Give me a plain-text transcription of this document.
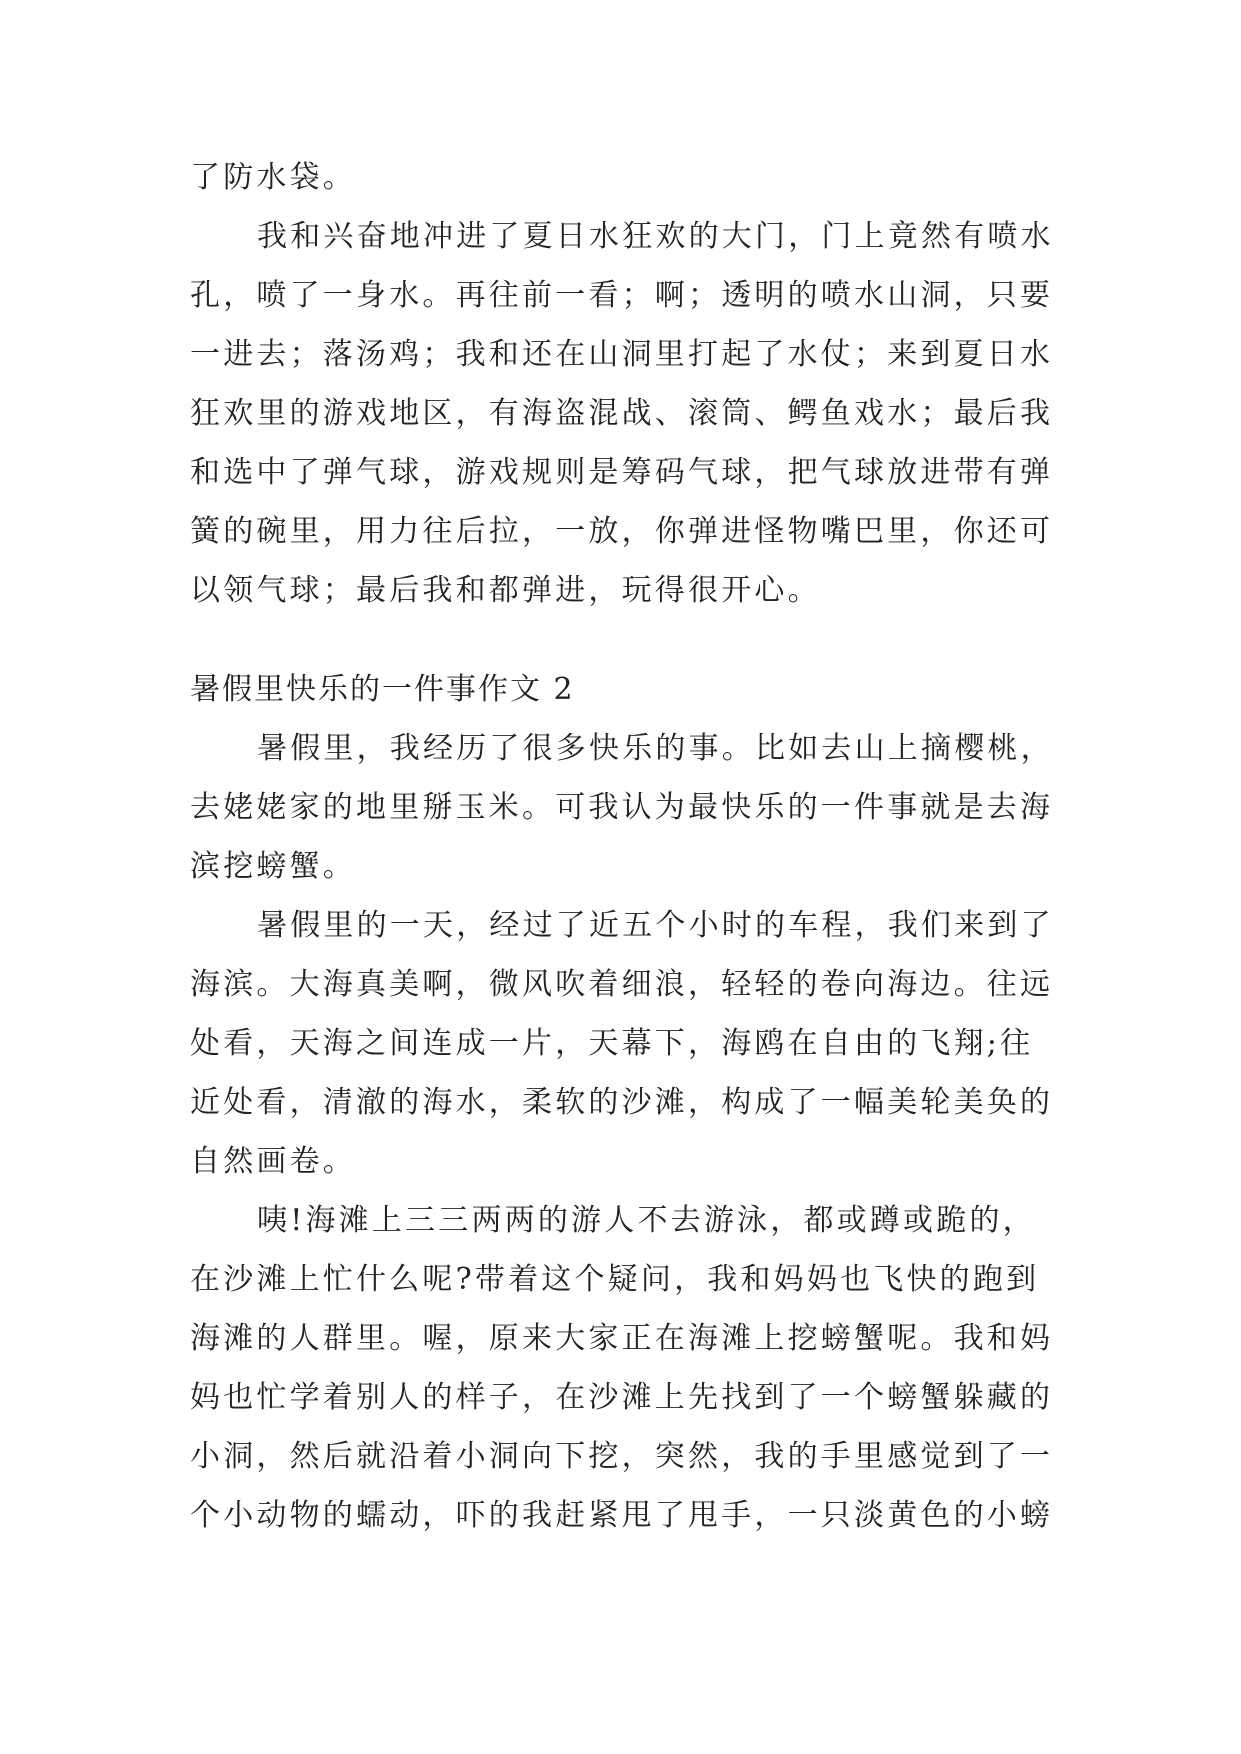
了防水袋。

我和兴奋地冲进了夏日水狂欢的大门，门上竟然有喷水
孔，喷了一身水。再往前一看；啊；透明的喷水山洞，只要
一进去；落汤鸡；我和还在山洞里打起了水仗；来到夏日水
狂欢里的游戏地区，有海盗混战、滚筒、鳄鱼戏水；最后我
和选中了弹气球，游戏规则是筹码气球，把气球放进带有弹
簧的碗里，用力往后拉，一放，你弹进怪物嘴巴里，你还可
以领气球；最后我和都弹进，玩得很开心。

暑假里快乐的一件事作文 2

暑假里，我经历了很多快乐的事。比如去山上摘樱桃，
去姥姥家的地里掰玉米。可我认为最快乐的一件事就是去海
滨挖螃蟹。

暑假里的一天，经过了近五个小时的车程，我们来到了
海滨。大海真美啊，微风吹着细浪，轻轻的卷向海边。往远
处看，天海之间连成一片，天幕下，海鸥在自由的飞翔;往
近处看，清澈的海水，柔软的沙滩，构成了一幅美轮美奂的
自然画卷。

咦!海滩上三三两两的游人不去游泳，都或蹲或跪的，
在沙滩上忙什么呢?带着这个疑问，我和妈妈也飞快的跑到
海滩的人群里。喔，原来大家正在海滩上挖螃蟹呢。我和妈
妈也忙学着别人的样子，在沙滩上先找到了一个螃蟹躲藏的
小洞，然后就沿着小洞向下挖，突然，我的手里感觉到了一
个小动物的蠕动，吓的我赶紧甩了甩手，一只淡黄色的小螃
